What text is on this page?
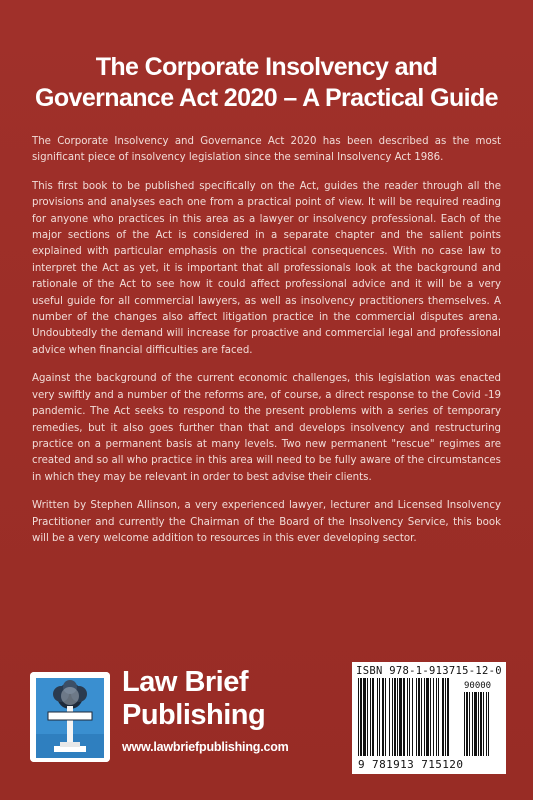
The Corporate Insolvency and
Governance Act 2020 – A Practical Guide

The Corporate Insolvency and Governance Act 2020 has been described as the most significant piece of insolvency legislation since the seminal Insolvency Act 1986.

This first book to be published specifically on the Act, guides the reader through all the provisions and analyses each one from a practical point of view. It will be required reading for anyone who practices in this area as a lawyer or insolvency professional. Each of the major sections of the Act is considered in a separate chapter and the salient points explained with particular emphasis on the practical consequences. With no case law to interpret the Act as yet, it is important that all professionals look at the background and rationale of the Act to see how it could affect professional advice and it will be a very useful guide for all commercial lawyers, as well as insolvency practitioners themselves. A number of the changes also affect litigation practice in the commercial disputes arena. Undoubtedly the demand will increase for proactive and commercial legal and professional advice when financial difficulties are faced.

Against the background of the current economic challenges, this legislation was enacted very swiftly and a number of the reforms are, of course, a direct response to the Covid -19 pandemic. The Act seeks to respond to the present problems with a series of temporary remedies, but it also goes further than that and develops insolvency and restructuring practice on a permanent basis at many levels. Two new permanent "rescue" regimes are created and so all who practice in this area will need to be fully aware of the circumstances in which they may be relevant in order to best advise their clients.

Written by Stephen Allinson, a very experienced lawyer, lecturer and Licensed Insolvency Practitioner and currently the Chairman of the Board of the Insolvency Service, this book will be a very welcome addition to resources in this ever developing sector.

Law Brief
Publishing
www.lawbriefpublishing.com
ISBN 978-1-913715-12-0
90000
9 781913 715120
